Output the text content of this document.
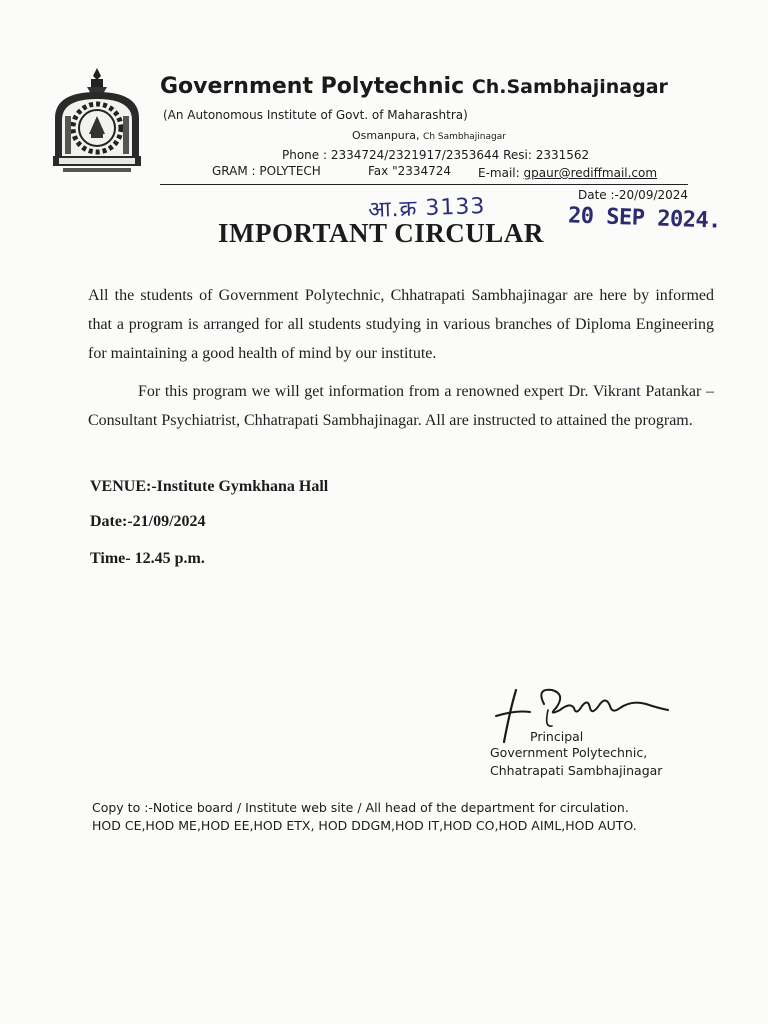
Government Polytechnic Ch.Sambhajinagar
(An Autonomous Institute of Govt. of Maharashtra)
Osmanpura, Ch Sambhajinagar
Phone : 2334724/2321917/2353644 Resi: 2331562
GRAM : POLYTECH	Fax "2334724 E-mail: gpaur@rediffmail.com
Date :-20/09/2024
आ.क्र 3133	20 SEP 2024.
IMPORTANT CIRCULAR
All the students of Government Polytechnic, Chhatrapati Sambhajinagar are here by informed that a program is arranged for all students studying in various branches of Diploma Engineering for maintaining a good health of mind by our institute.
For this program we will get information from a renowned expert Dr. Vikrant Patankar –Consultant Psychiatrist, Chhatrapati Sambhajinagar. All are instructed to attained the program.
VENUE:-Institute Gymkhana Hall
Date:-21/09/2024
Time- 12.45 p.m.
Principal
Government Polytechnic,
Chhatrapati Sambhajinagar
Copy to :-Notice board / Institute web site / All head of the department for circulation.
HOD CE,HOD ME,HOD EE,HOD ETX, HOD DDGM,HOD IT,HOD CO,HOD AIML,HOD AUTO.
